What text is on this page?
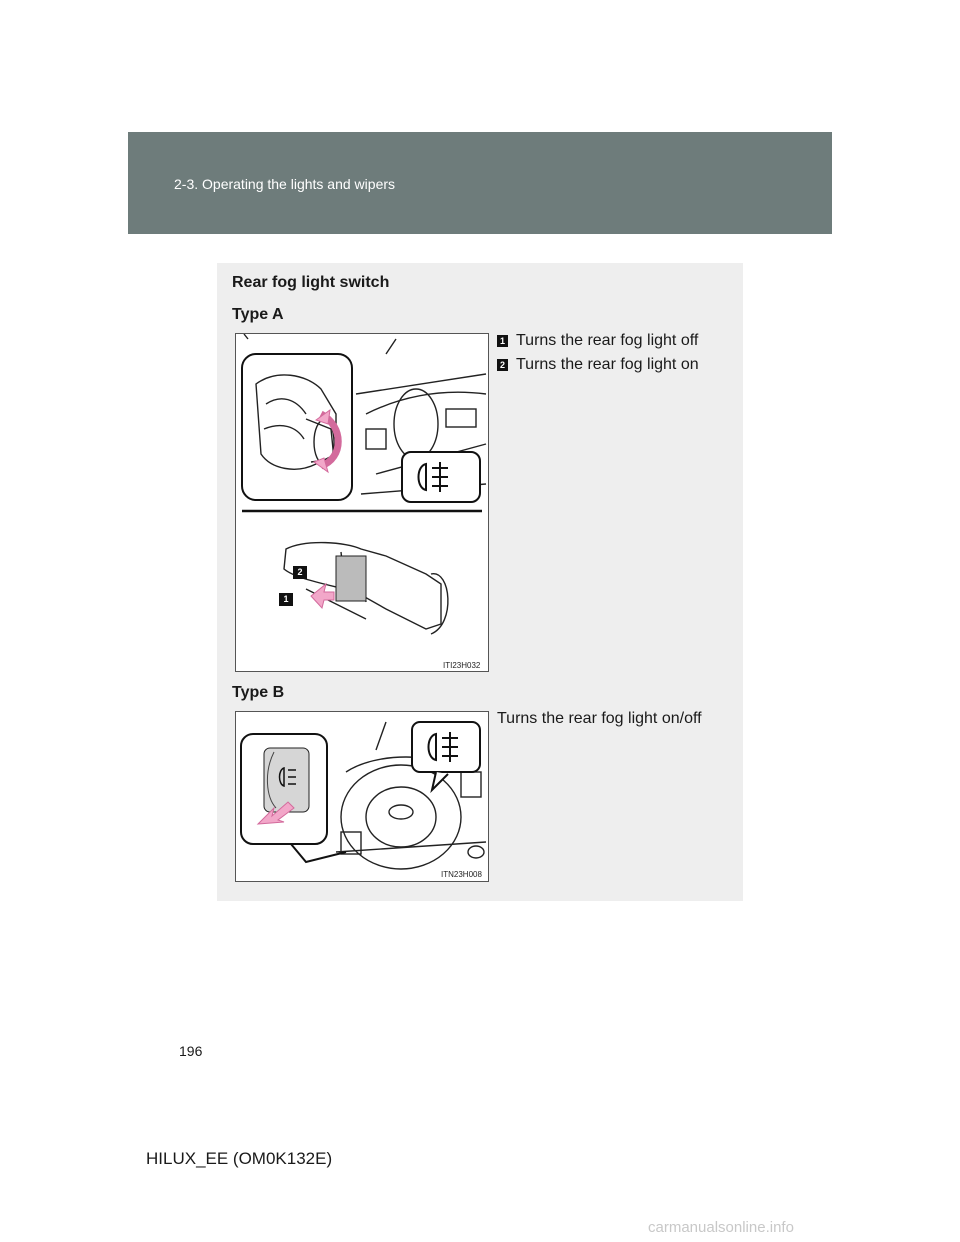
2-3. Operating the lights and wipers
Rear fog light switch
Type A
2
1
ITI23H032
1 Turns the rear fog light off
2 Turns the rear fog light on
Type B
ITN23H008
Turns the rear fog light on/off
196
HILUX_EE (OM0K132E)
carmanualsonline.info
